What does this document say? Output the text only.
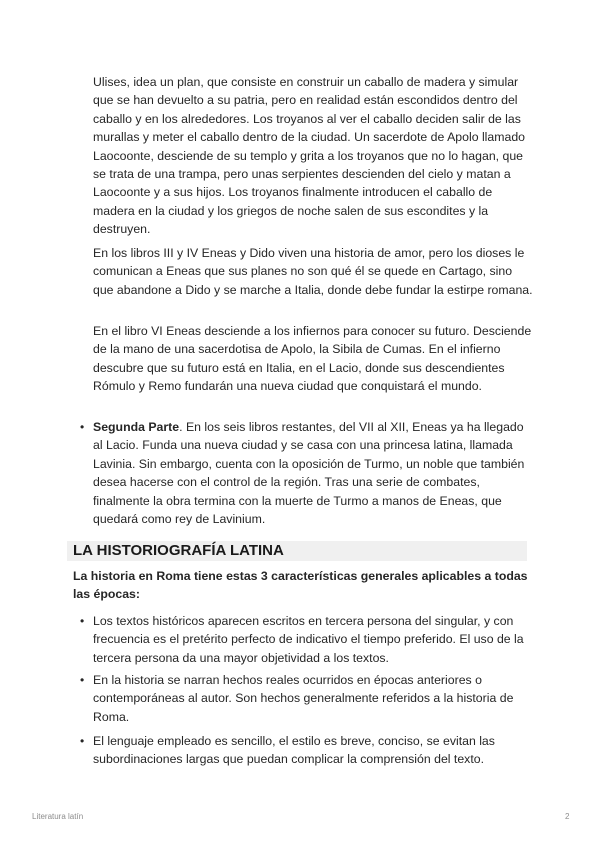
Ulises, idea un plan, que consiste en construir un caballo de madera y simular que se han devuelto a su patria, pero en realidad están escondidos dentro del caballo y en los alrededores. Los troyanos al ver el caballo deciden salir de las murallas y meter el caballo dentro de la ciudad. Un sacerdote de Apolo llamado Laocoonte, desciende de su templo y grita a los troyanos que no lo hagan, que se trata de una trampa, pero unas serpientes descienden del cielo y matan a Laocoonte y a sus hijos. Los troyanos finalmente introducen el caballo de madera en la ciudad y los griegos de noche salen de sus escondites y la destruyen.

En los libros III y IV Eneas y Dido viven una historia de amor, pero los dioses le comunican a Eneas que sus planes no son qué él se quede en Cartago, sino que abandone a Dido y se marche a Italia, donde debe fundar la estirpe romana.

En el libro VI Eneas desciende a los infiernos para conocer su futuro. Desciende de la mano de una sacerdotisa de Apolo, la Sibila de Cumas. En el infierno descubre que su futuro está en Italia, en el Lacio, donde sus descendientes Rómulo y Remo fundarán una nueva ciudad que conquistará el mundo.

• Segunda Parte. En los seis libros restantes, del VII al XII, Eneas ya ha llegado al Lacio. Funda una nueva ciudad y se casa con una princesa latina, llamada Lavinia. Sin embargo, cuenta con la oposición de Turmo, un noble que también desea hacerse con el control de la región. Tras una serie de combates, finalmente la obra termina con la muerte de Turmo a manos de Eneas, que quedará como rey de Lavinium.
LA HISTORIOGRAFÍA LATINA

La historia en Roma tiene estas 3 características generales aplicables a todas las épocas:

• Los textos históricos aparecen escritos en tercera persona del singular, y con frecuencia es el pretérito perfecto de indicativo el tiempo preferido. El uso de la tercera persona da una mayor objetividad a los textos.
• En la historia se narran hechos reales ocurridos en épocas anteriores o contemporáneas al autor. Son hechos generalmente referidos a la historia de Roma.
• El lenguaje empleado es sencillo, el estilo es breve, conciso, se evitan las subordinaciones largas que puedan complicar la comprensión del texto.
Literatura latín	2
